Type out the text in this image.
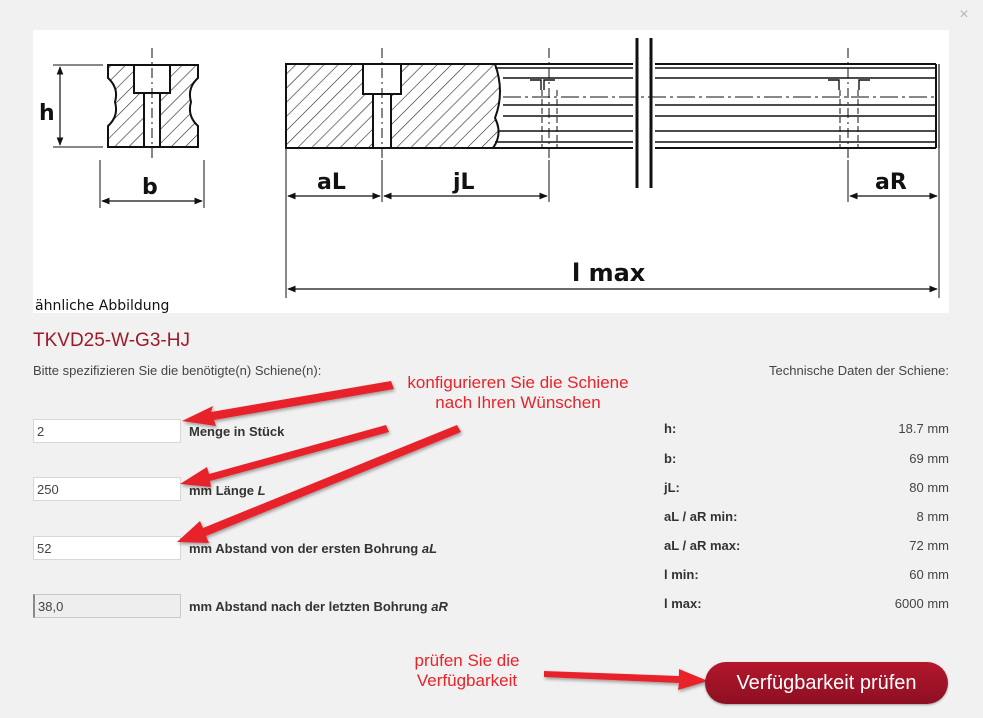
×
h
b	aL	jL	aR
l max
ähnliche Abbildung
TKVD25-W-G3-HJ
Bitte spezifizieren Sie die benötigte(n) Schiene(n):	Technische Daten der Schiene:
2
Menge in Stück
250
mm Länge L
52
mm Abstand von der ersten Bohrung aL
38,0
mm Abstand nach der letzten Bohrung aR
h:	18.7 mm
b:	69 mm
jL:	80 mm
aL / aR min:	8 mm
aL / aR max:	72 mm
l min:	60 mm
l max:	6000 mm
konfigurieren Sie die Schiene
nach Ihren Wünschen
prüfen Sie die
Verfügbarkeit	Verfügbarkeit prüfen
